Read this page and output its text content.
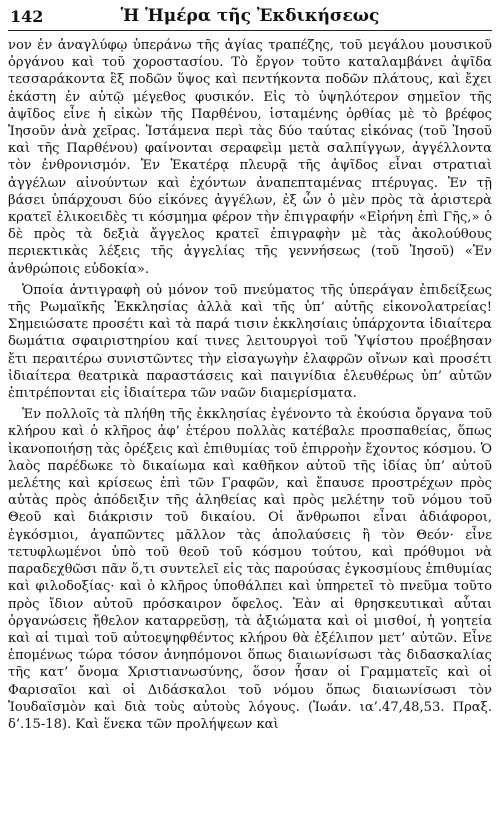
142	Ἡ Ἡμέρα τῆς Ἐκδικήσεως

νον ἐν ἀναγλύφῳ ὑπεράνω τῆς ἁγίας τραπέζης, τοῦ μεγάλου μουσικοῦ ὀργάνου καὶ τοῦ χοροστασίου. Τὸ ἔργον τοῦτο καταλαμβάνει ἀψῖδα τεσσαράκοντα ἓξ ποδῶν ὕψος καὶ πεντήκοντα ποδῶν πλάτους, καὶ ἔχει ἑκάστη ἐν αὐτῷ μέγεθος φυσικόν. Εἰς τὸ ὑψηλότερον σημεῖον τῆς ἀψῖδος εἶνε ἡ εἰκὼν τῆς Παρθένου, ἱσταμένης ὀρθίας μὲ τὸ βρέφος Ἰησοῦν ἀνὰ χεῖρας. Ἱστάμενα περὶ τὰς δύο ταύτας εἰκόνας (τοῦ Ἰησοῦ καὶ τῆς Παρθένου) φαίνονται σεραφεὶμ μετὰ σαλπίγγων, ἀγγέλλοντα τὸν ἐνθρονισμόν. Ἐν Ἑκατέρᾳ πλευρᾷ τῆς ἀψῖδος εἶναι στρατιαὶ ἀγγέλων αἰνούντων καὶ ἐχόντων ἀναπεπταμένας πτέρυγας. Ἐν τῇ βάσει ὑπάρχουσι δύο εἰκόνες ἀγγέλων, ἐξ ὧν ὁ μὲν πρὸς τὰ ἀριστερὰ κρατεῖ ἑλικοειδὲς τι κόσμημα φέρον τὴν ἐπιγραφήν «Εἰρήνη ἐπὶ Γῆς,» ὁ δὲ πρὸς τὰ δεξιὰ ἄγγελος κρατεῖ ἐπιγραφὴν μὲ τὰς ἀκολούθους περιεκτικὰς λέξεις τῆς ἀγγελίας τῆς γεννήσεως (τοῦ Ἰησοῦ) «Ἐν ἀνθρώποις εὐδοκία».

Ὁποία ἀντιγραφὴ οὐ μόνον τοῦ πνεύματος τῆς ὑπεράγαν ἐπιδείξεως τῆς Ρωμαϊκῆς Ἐκκλησίας ἀλλὰ καὶ τῆς ὑπ’ αὐτῆς εἰκονολατρείας! Σημειώσατε προσέτι καὶ τὰ παρά τισιν ἐκκλησίαις ὑπάρχοντα ἰδιαίτερα δωμάτια σφαιριστηρίου καί τινες λειτουργοὶ τοῦ Ὑψίστου προέβησαν ἔτι περαιτέρω συνιστῶντες τὴν εἰσαγωγὴν ἐλαφρῶν οἴνων καὶ προσέτι ἰδιαίτερα θεατρικὰ παραστάσεις καὶ παιγνίδια ἐλευθέρως ὑπ’ αὐτῶν ἐπιτρέπονται εἰς ἰδιαίτερα τῶν ναῶν διαμερίσματα.

Ἐν πολλοῖς τὰ πλήθη τῆς ἐκκλησίας ἐγένοντο τὰ ἐκούσια ὄργανα τοῦ κλήρου καὶ ὁ κλῆρος ἀφ’ ἑτέρου πολλὰς κατέβαλε προσπαθείας, ὅπως ἱκανοποιήσῃ τὰς ὀρέξεις καὶ ἐπιθυμίας τοῦ ἐπιρροὴν ἔχοντος κόσμου. Ὁ λαὸς παρέδωκε τὸ δικαίωμα καὶ καθῆκον αὐτοῦ τῆς ἰδίας ὑπ’ αὐτοῦ μελέτης καὶ κρίσεως ἐπὶ τῶν Γραφῶν, καὶ ἔπαυσε προστρέχων πρὸς αὐτὰς πρὸς ἀπόδειξιν τῆς ἀληθείας καὶ πρὸς μελέτην τοῦ νόμου τοῦ Θεοῦ καὶ διάκρισιν τοῦ δικαίου. Οἱ ἄνθρωποι εἶναι ἀδιάφοροι, ἐγκόσμιοι, ἀγαπῶντες μᾶλλον τὰς ἀπολαύσεις ἢ τὸν Θεόν· εἶνε τετυφλωμένοι ὑπὸ τοῦ θεοῦ τοῦ κόσμου τούτου, καὶ πρόθυμοι νὰ παραδεχθῶσι πᾶν ὅ,τι συντελεῖ εἰς τὰς παρούσας ἐγκοσμίους ἐπιθυμίας καὶ φιλοδοξίας· καὶ ὁ κλῆρος ὑποθάλπει καὶ ὑπηρετεῖ τὸ πνεῦμα τοῦτο πρὸς ἴδιον αὐτοῦ πρόσκαιρον ὄφελος. Ἐὰν αἱ θρησκευτικαὶ αὗται ὀργανώσεις ἤθελον καταρρεῦσῃ, τὰ ἀξιώματα καὶ οἱ μισθοί, ἡ γοητεία καὶ αἱ τιμαὶ τοῦ αὐτοεψηφθέντος κλήρου θὰ ἐξέλιπον μετ’ αὐτῶν. Εἶνε ἑπομένως τώρα τόσον ἀνηπόμονοι ὅπως διαιωνίσωσι τὰς διδασκαλίας τῆς κατ’ ὄνομα Χριστιανωσύνης, ὅσον ἦσαν οἱ Γραμματεῖς καὶ οἱ Φαρισαῖοι καὶ οἱ Διδάσκαλοι τοῦ νόμου ὅπως διαιωνίσωσι τὸν Ἰουδαϊσμὸν καὶ διὰ τοὺς αὐτοὺς λόγους. (Ἰωάν. ια’.47,48,53. Πραξ. δ’.15-18). Καὶ ἕνεκα τῶν προλήψεων καὶ
